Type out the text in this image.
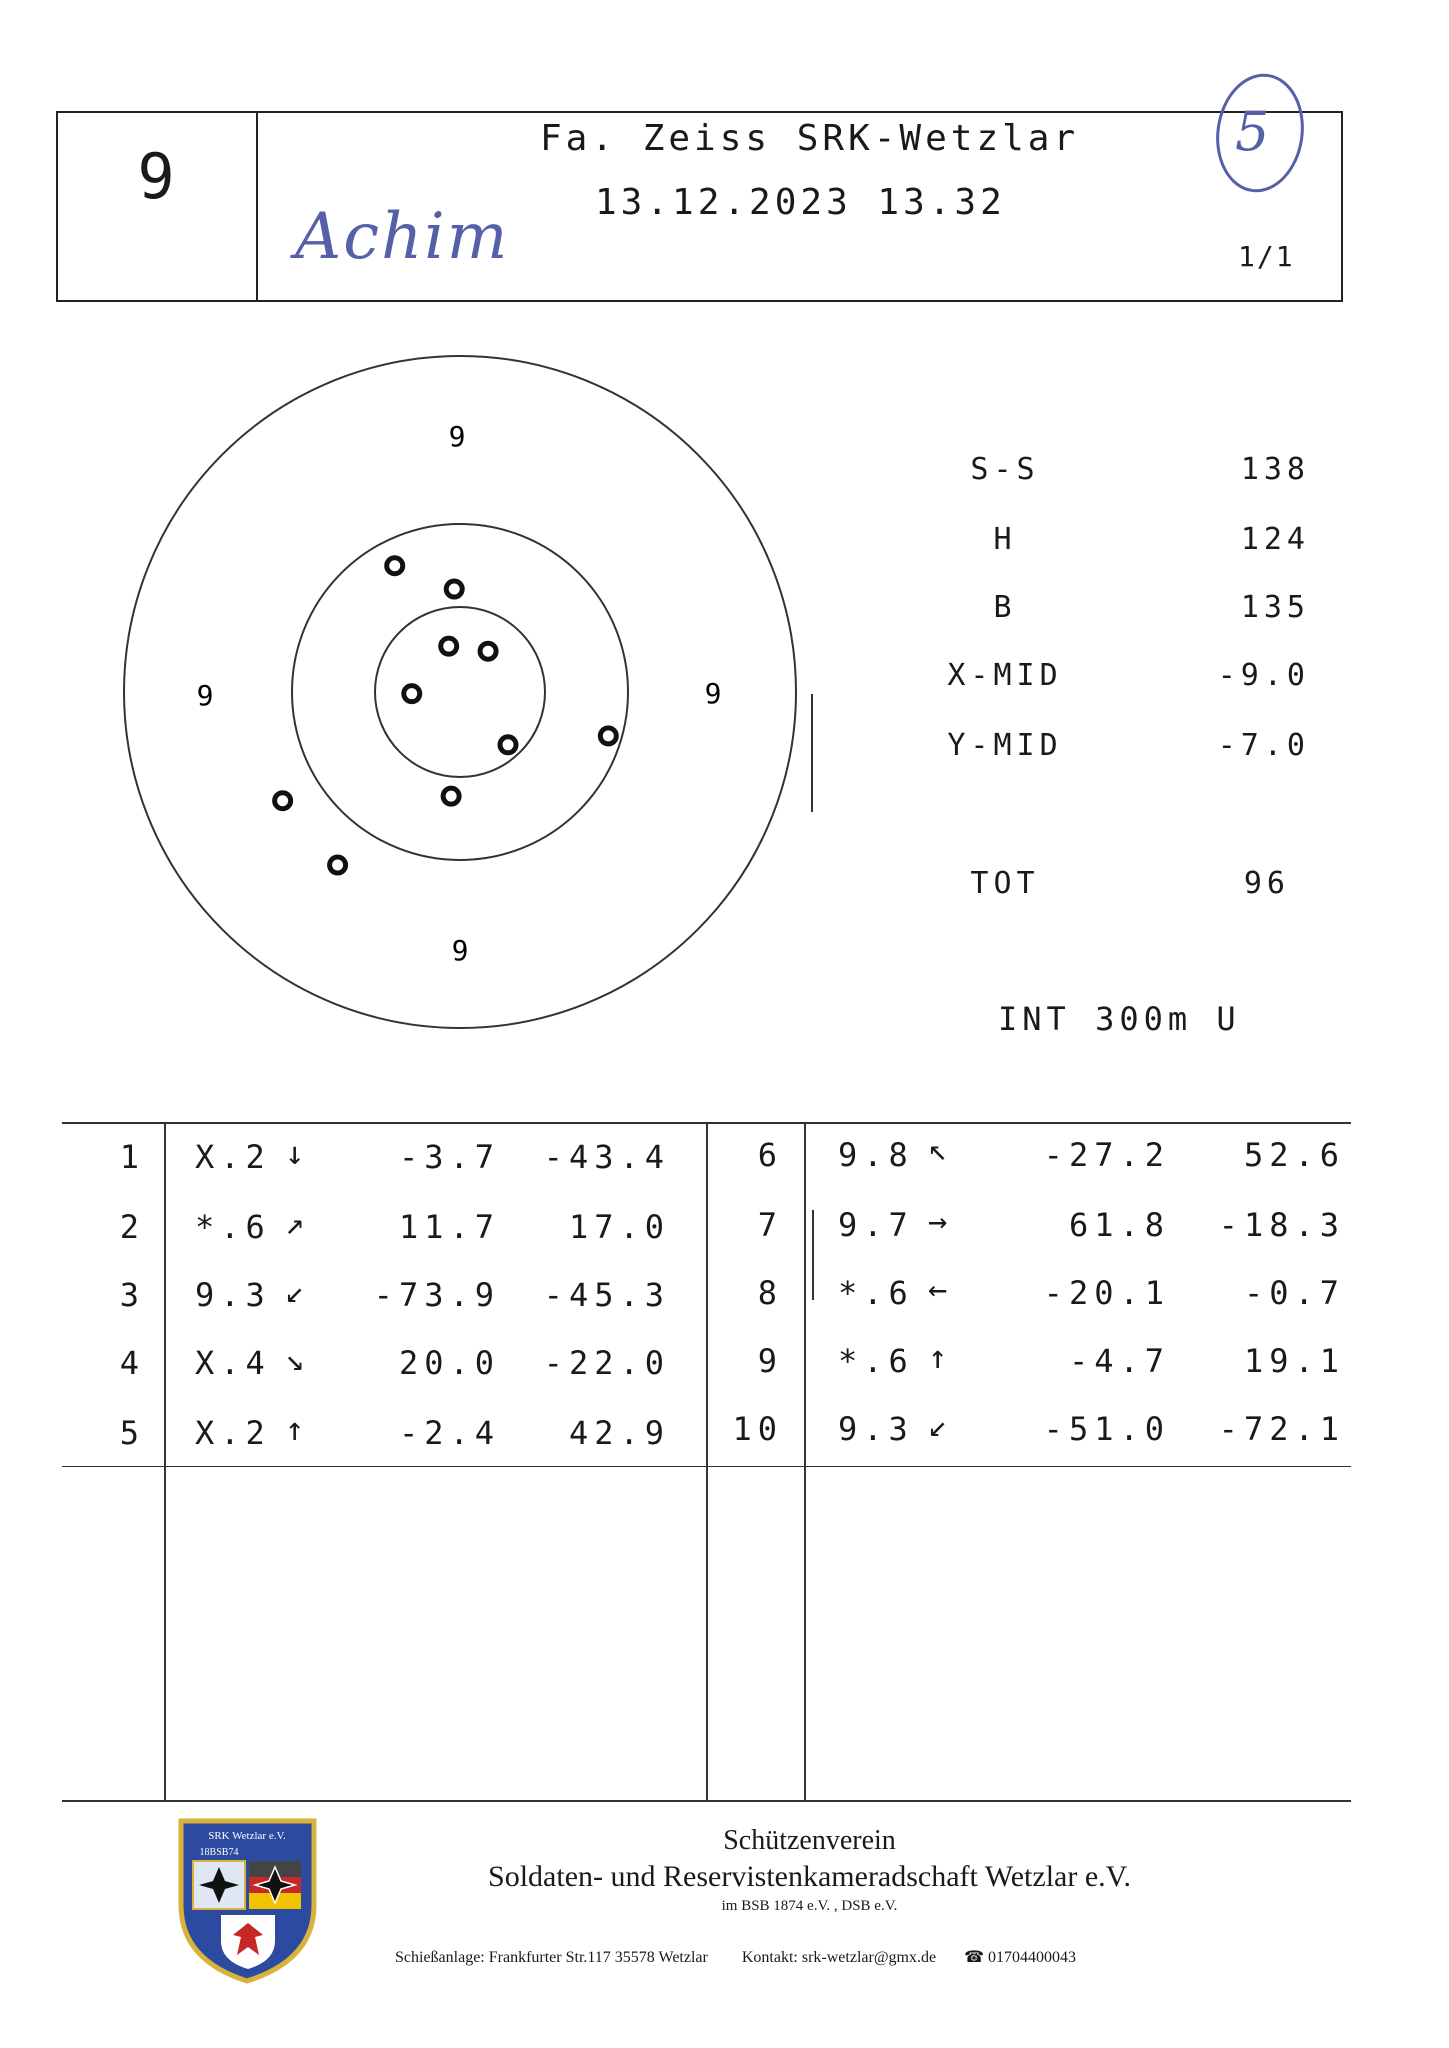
9
Fa. Zeiss SRK-Wetzlar
13.12.2023 13.32
1/1
Achim
5
9
9	9
9
S-S	138
H	124
B	135
X-MID	-9.0
Y-MID	-7.0
TOT	96
INT 300m U
1 X.2 ↓	-3.7	-43.4
2 *.6 ↗	11.7	17.0
3 9.3 ↙	-73.9	-45.3
4 X.4 ↘	20.0	-22.0
5 X.2 ↑	-2.4	42.9
6 9.8 ↖	-27.2	52.6
7 9.7 →	61.8	-18.3
8 *.6 ←	-20.1	-0.7
9 *.6 ↑	-4.7	19.1
10 9.3 ↙	-51.0	-72.1
SRK Wetzlar e.V.
18BSB74	Schützenverein
Soldaten- und Reservistenkameradschaft Wetzlar e.V.
im BSB 1874 e.V. , DSB e.V.
Schießanlage: Frankfurter Str.117 35578 Wetzlar Kontakt: srk-wetzlar@gmx.de ☎ 01704400043
